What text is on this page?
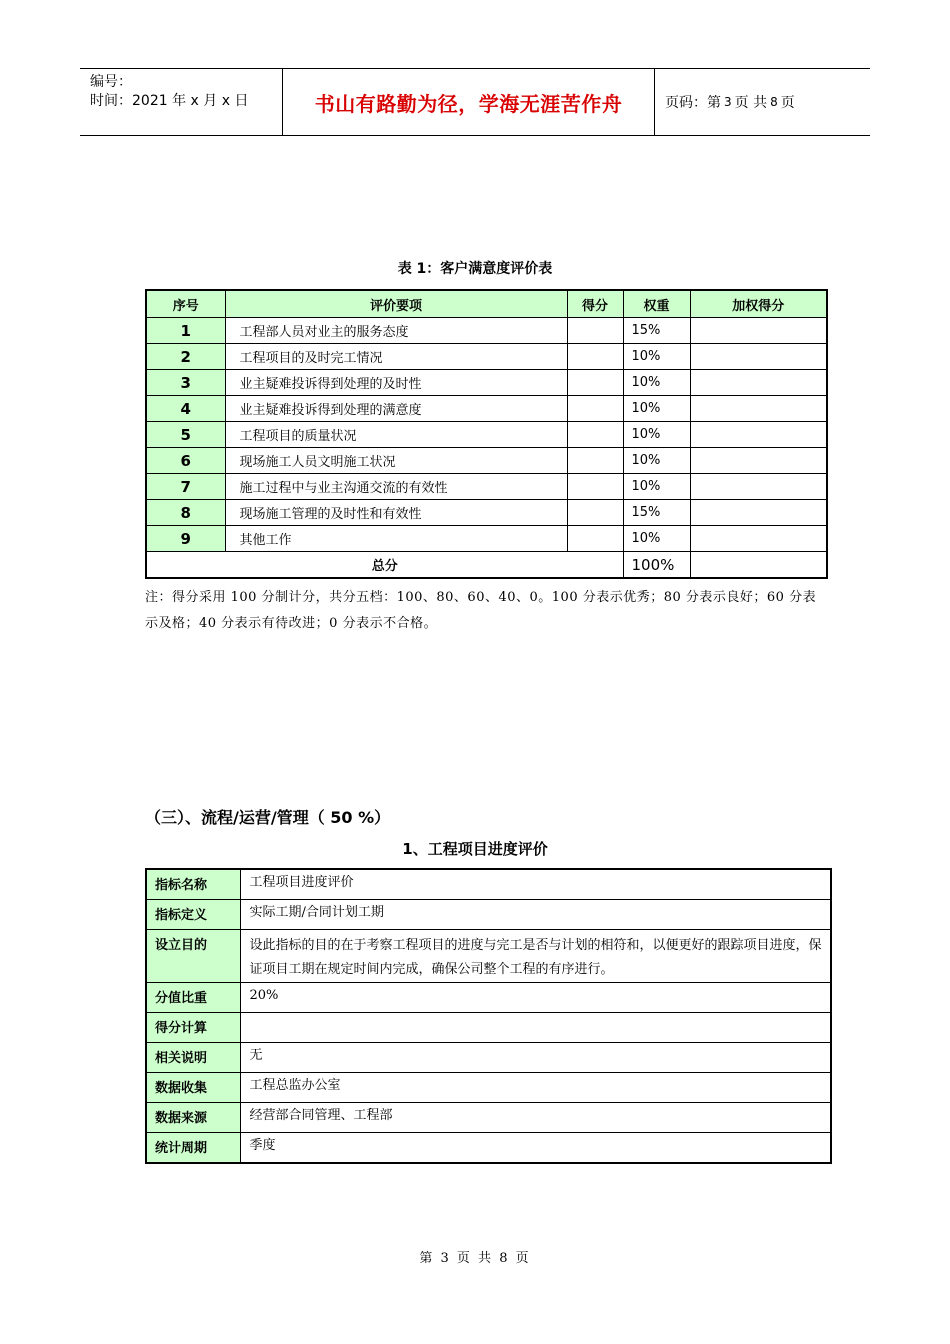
编号：
时间：2021 年 x 月 x 日	书山有路勤为径，学海无涯苦作舟	页码：第 3 页 共 8 页
表 1：客户满意度评价表
序号	评价要项	得分	权重	加权得分
1	工程部人员对业主的服务态度		15%	
2	工程项目的及时完工情况		10%	
3	业主疑难投诉得到处理的及时性		10%	
4	业主疑难投诉得到处理的满意度		10%	
5	工程项目的质量状况		10%	
6	现场施工人员文明施工状况		10%	
7	施工过程中与业主沟通交流的有效性		10%	
8	现场施工管理的及时性和有效性		15%	
9	其他工作		10%	
总分			100%	
注：得分采用 100 分制计分，共分五档：100、80、60、40、0。100 分表示优秀；80 分表示良好；60 分表示及格；40 分表示有待改进；0 分表示不合格。
（三）、流程/运营/管理（ 50 %）
1、工程项目进度评价
指标名称	工程项目进度评价
指标定义	实际工期/合同计划工期
设立目的	设此指标的目的在于考察工程项目的进度与完工是否与计划的相符和，以便更好的跟踪项目进度，保证项目工期在规定时间内完成，确保公司整个工程的有序进行。
分值比重	20%
得分计算	
相关说明	无
数据收集	工程总监办公室
数据来源	经营部合同管理、工程部
统计周期	季度
第 3 页 共 8 页
